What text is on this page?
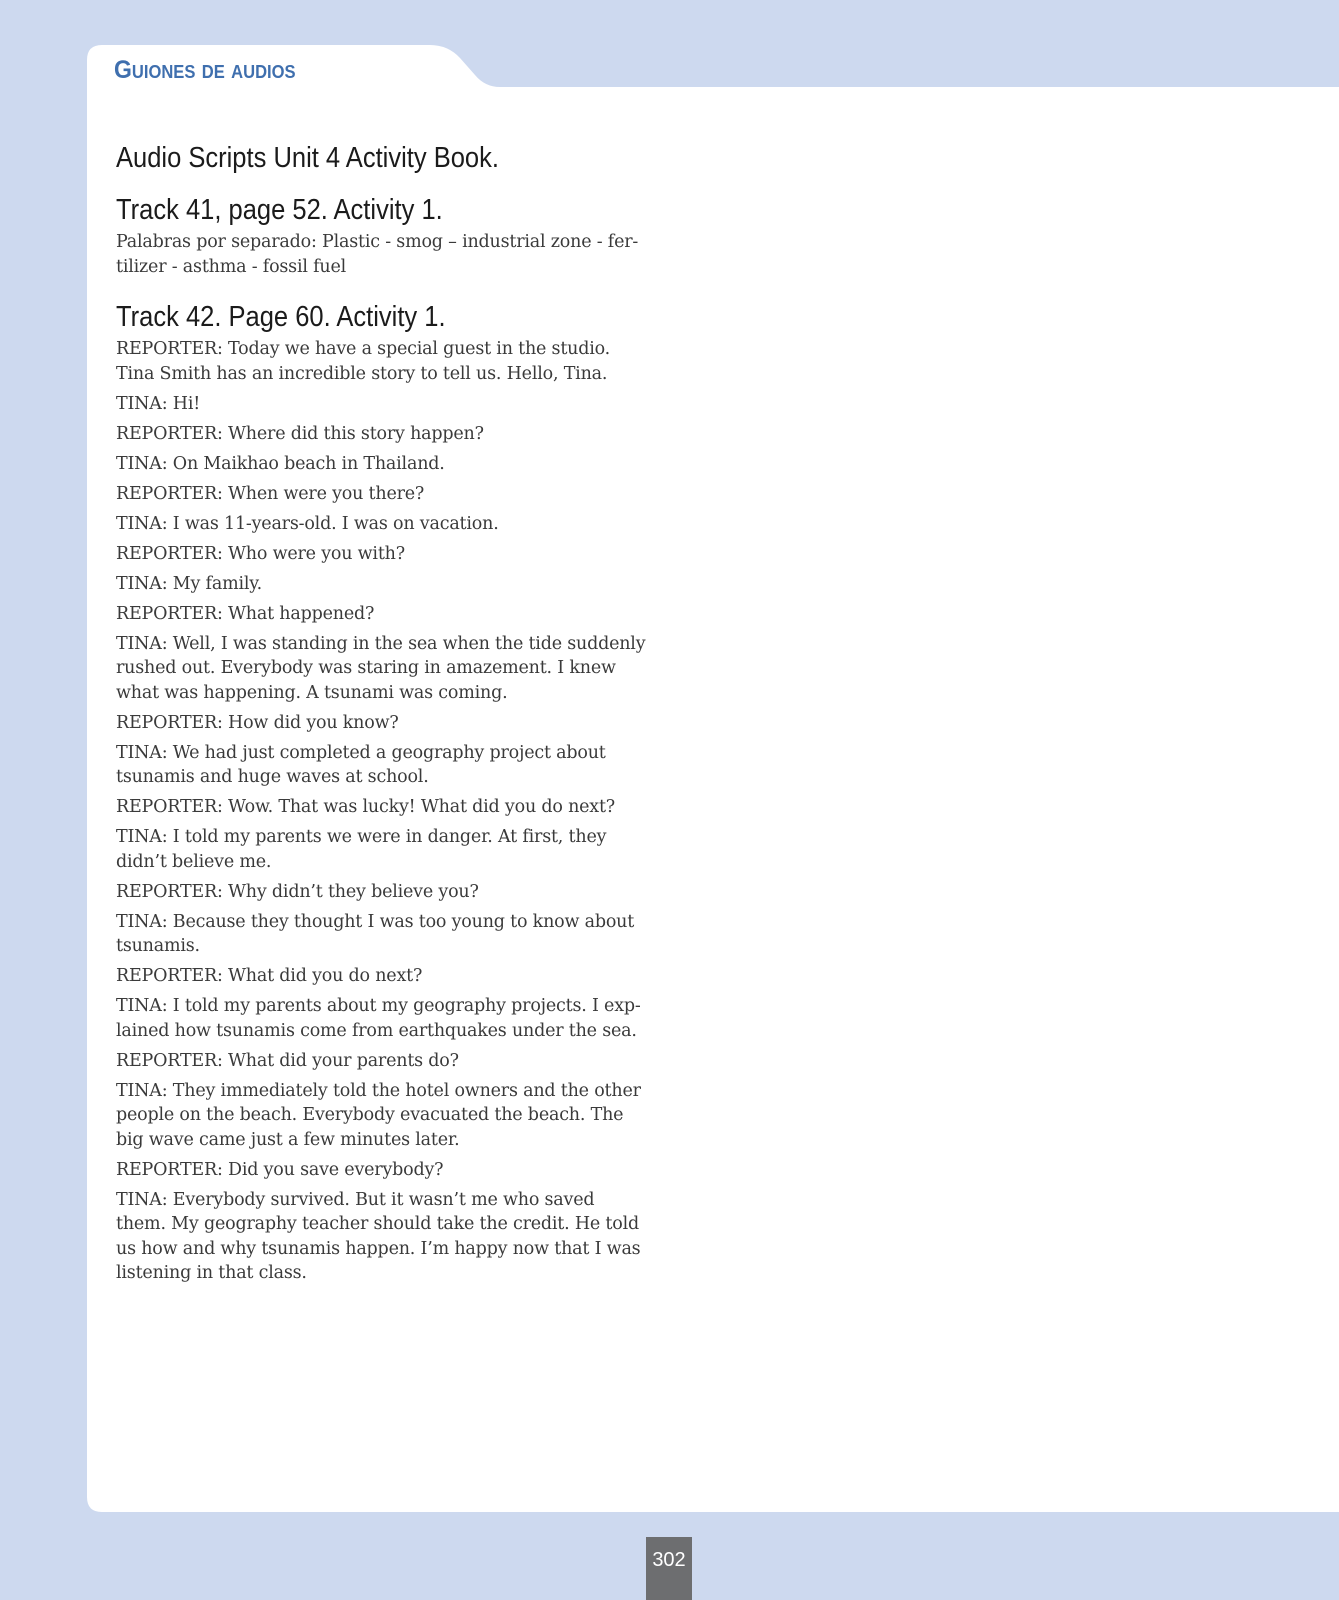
Guiones de audios
Audio Scripts Unit 4 Activity Book.
Track 41, page 52. Activity 1.

Palabras por separado: Plastic - smog – industrial zone - fer-tilizer - asthma - fossil fuel

Track 42. Page 60. Activity 1.

REPORTER: Today we have a special guest in the studio. Tina Smith has an incredible story to tell us. Hello, Tina.

TINA: Hi!

REPORTER: Where did this story happen?

TINA: On Maikhao beach in Thailand.

REPORTER: When were you there?

TINA: I was 11-years-old. I was on vacation.

REPORTER: Who were you with?

TINA: My family.

REPORTER: What happened?

TINA: Well, I was standing in the sea when the tide suddenly rushed out. Everybody was staring in amazement. I knew what was happening. A tsunami was coming.

REPORTER: How did you know?

TINA: We had just completed a geography project about tsunamis and huge waves at school.

REPORTER: Wow. That was lucky! What did you do next?

TINA: I told my parents we were in danger. At first, they didn’t believe me.

REPORTER: Why didn’t they believe you?

TINA: Because they thought I was too young to know about tsunamis.

REPORTER: What did you do next?

TINA: I told my parents about my geography projects. I exp-lained how tsunamis come from earthquakes under the sea.

REPORTER: What did your parents do?

TINA: They immediately told the hotel owners and the other people on the beach. Everybody evacuated the beach. The big wave came just a few minutes later.

REPORTER: Did you save everybody?

TINA: Everybody survived. But it wasn’t me who saved them. My geography teacher should take the credit. He told us how and why tsunamis happen. I’m happy now that I was listening in that class.

302
